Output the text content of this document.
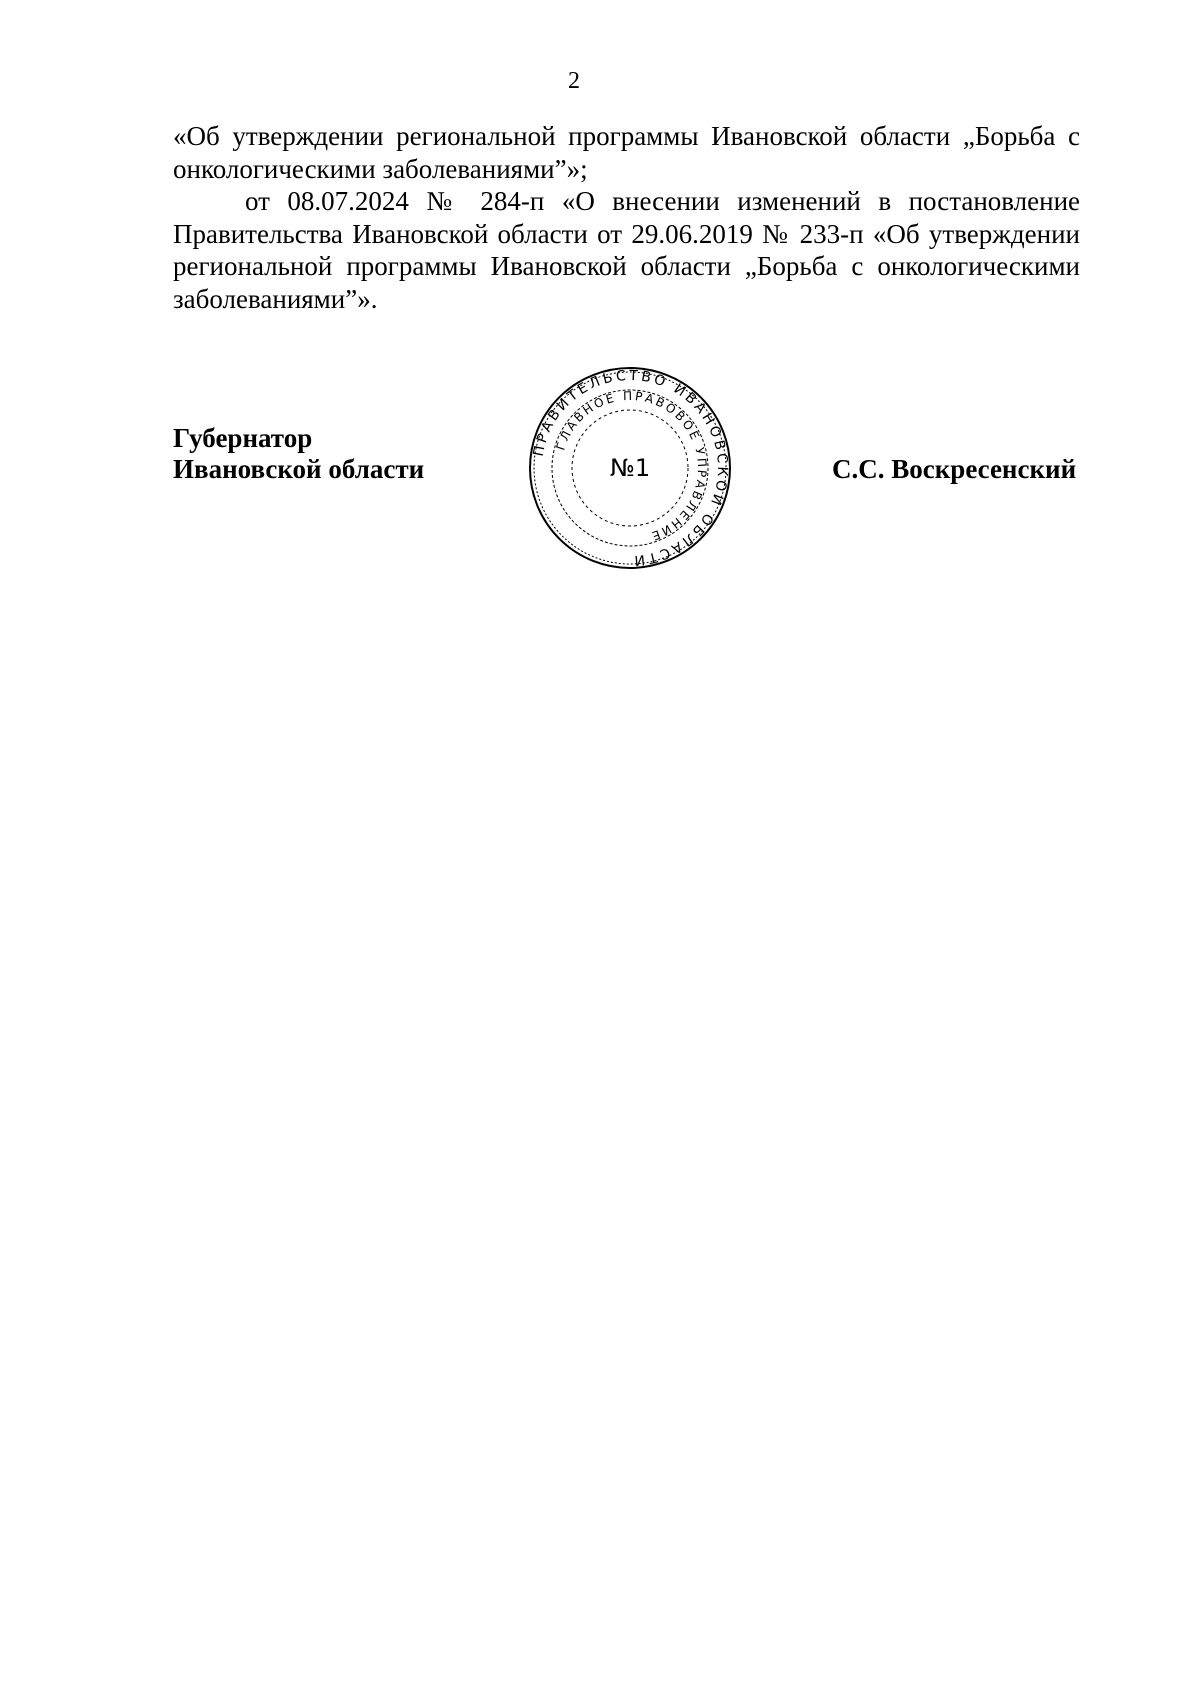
2

«Об утверждении региональной программы Ивановской области „Борьба с онкологическими заболеваниями”»;

от 08.07.2024 № 284-п «О внесении изменений в постановление Правительства Ивановской области от 29.06.2019 № 233-п «Об утверждении региональной программы Ивановской области „Борьба с онкологическими заболеваниями”».

Губернатор
Ивановской области	С.С. Воскресенский
ПРАВИТЕЛЬСТВО ИВАНОВСКОЙ ОБЛАСТИ
ГЛАВНОЕ ПРАВОВОЕ УПРАВЛЕНИЕ
№1
